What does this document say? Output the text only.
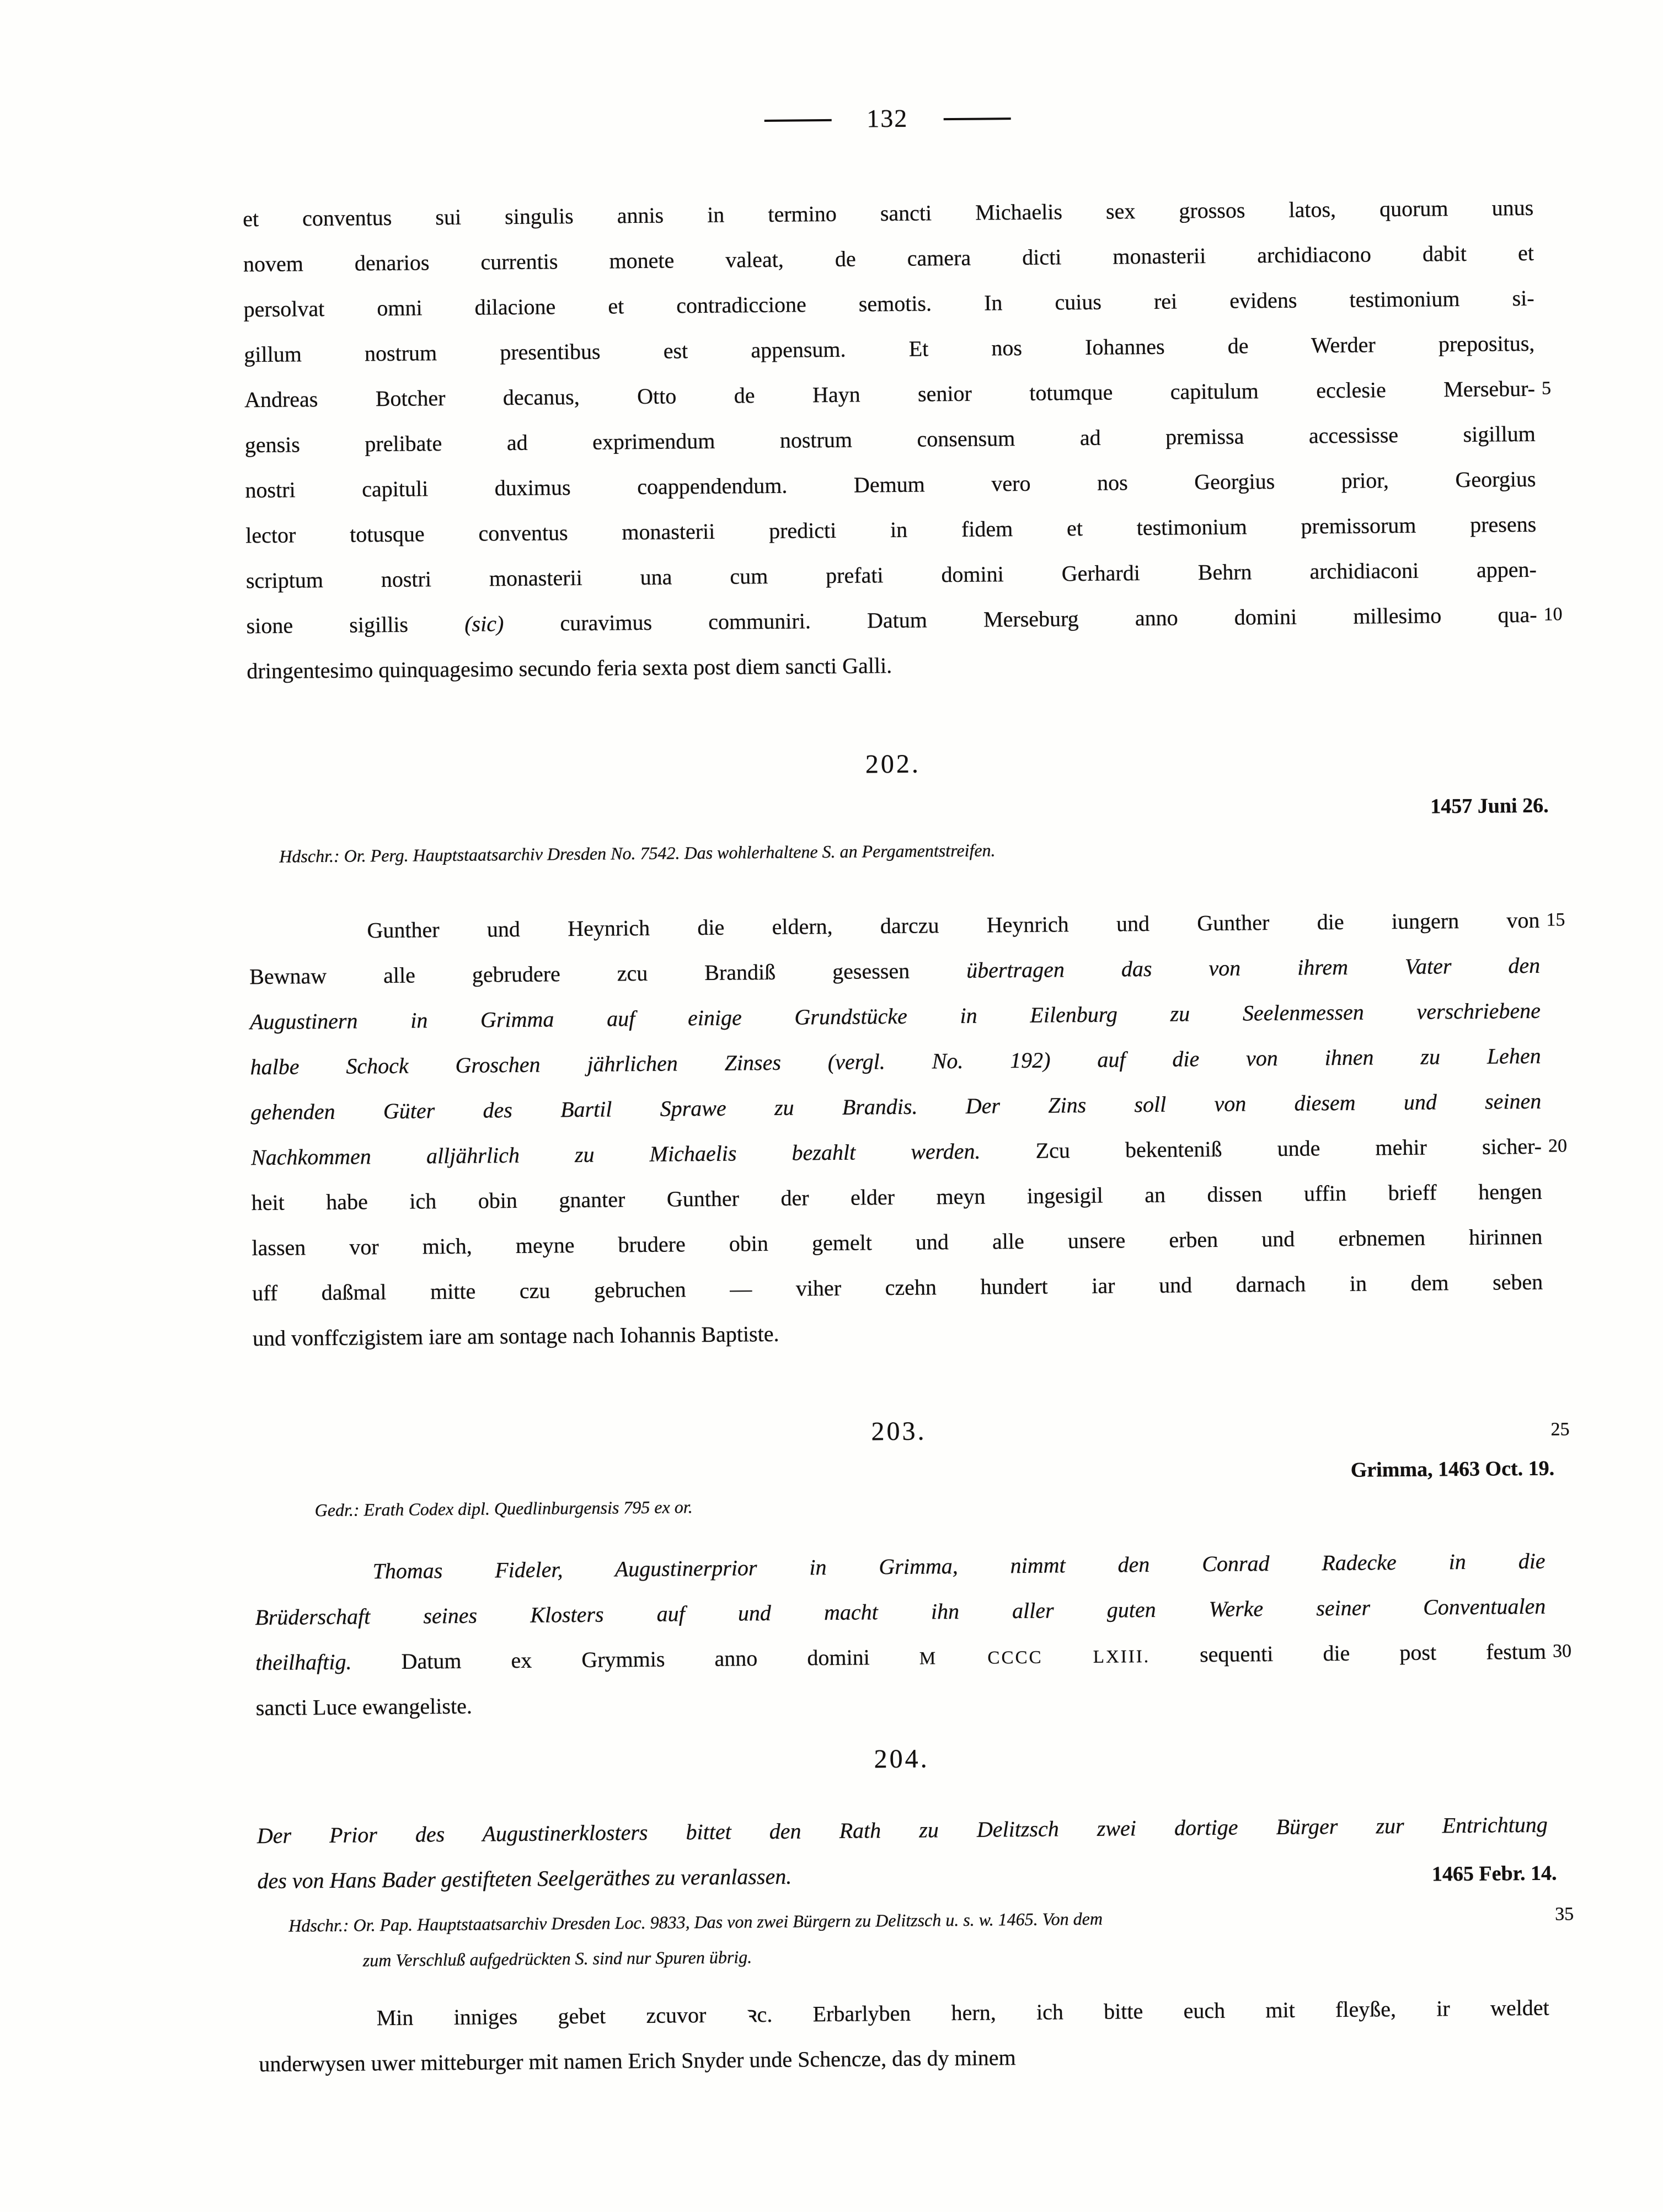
132
et conventus sui singulis annis in termino sancti Michaelis sex grossos latos, quorum unus
novem denarios currentis monete valeat, de camera dicti monasterii archidiacono dabit et
persolvat omni dilacione et contradiccione semotis. In cuius rei evidens testimonium si-
gillum nostrum presentibus est appensum. Et nos Iohannes de Werder prepositus,
Andreas Botcher decanus, Otto de Hayn senior totumque capitulum ecclesie Mersebur- 5
gensis prelibate ad exprimendum nostrum consensum ad premissa accessisse sigillum
nostri capituli duximus coappendendum. Demum vero nos Georgius prior, Georgius
lector totusque conventus monasterii predicti in fidem et testimonium premissorum presens
scriptum nostri monasterii una cum prefati domini Gerhardi Behrn archidiaconi appen-
sione sigillis (sic) curavimus communiri. Datum Merseburg anno domini millesimo qua- 10
dringentesimo quinquagesimo secundo feria sexta post diem sancti Galli.
202.
1457 Juni 26.
Hdschr.: Or. Perg. Hauptstaatsarchiv Dresden No. 7542. Das wohlerhaltene S. an Pergamentstreifen.
Gunther und Heynrich die eldern, darczu Heynrich und Gunther die iungern von 15
Bewnaw alle gebrudere zcu Brandiß gesessen übertragen das von ihrem Vater den
Augustinern in Grimma auf einige Grundstücke in Eilenburg zu Seelenmessen verschriebene
halbe Schock Groschen jährlichen Zinses (vergl. No. 192) auf die von ihnen zu Lehen
gehenden Güter des Bartil Sprawe zu Brandis. Der Zins soll von diesem und seinen
Nachkommen alljährlich zu Michaelis bezahlt werden. Zcu bekenteniß unde mehir sicher- 20
heit habe ich obin gnanter Gunther der elder meyn ingesigil an dissen uffin brieff hengen
lassen vor mich, meyne brudere obin gemelt und alle unsere erben und erbnemen hirinnen
uff daßmal mitte czu gebruchen — viher czehn hundert iar und darnach in dem seben
und vonffczigistem iare am sontage nach Iohannis Baptiste.
203.	25
Grimma, 1463 Oct. 19.
Gedr.: Erath Codex dipl. Quedlinburgensis 795 ex or.
Thomas Fideler, Augustinerprior in Grimma, nimmt den Conrad Radecke in die
Brüderschaft seines Klosters auf und macht ihn aller guten Werke seiner Conventualen
theilhaftig. Datum ex Grymmis anno domini M CCCC LXIII. sequenti die post festum 30
sancti Luce ewangeliste.
204.
Der Prior des Augustinerklosters bittet den Rath zu Delitzsch zwei dortige Bürger zur Entrichtung
des von Hans Bader gestifteten Seelgeräthes zu veranlassen.	1465 Febr. 14.
Hdschr.: Or. Pap. Hauptstaatsarchiv Dresden Loc. 9833, Das von zwei Bürgern zu Delitzsch u. s. w. 1465. Von dem	35
zum Verschluß aufgedrückten S. sind nur Spuren übrig.
Min inniges gebet zcuvor ꝛc. Erbarlyben hern, ich bitte euch mit fleyße, ir weldet
underwysen uwer mitteburger mit namen Erich Snyder unde Schencze, das dy minem
